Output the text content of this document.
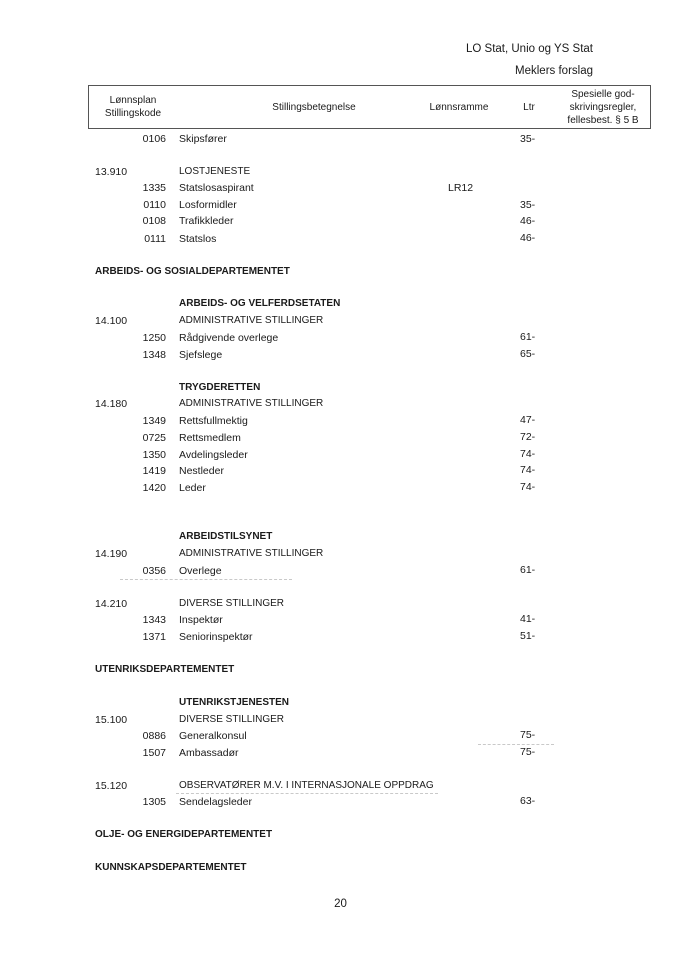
LO Stat, Unio og YS Stat
Meklers forslag
Lønnsplan
Stillingskode
Stillingsbetegnelse	Lønnsramme	Ltr
Spesielle god-
skrivingsregler,
fellesbest. § 5 B
0106 Skipsfører	35-
13.910	LOSTJENESTE
1335 Statslosaspirant	LR12
0110 Losformidler	35-
0108 Trafikkleder	46-
0111 Statslos	46-
ARBEIDS- OG SOSIALDEPARTEMENTET
ARBEIDS- OG VELFERDSETATEN
14.100	ADMINISTRATIVE STILLINGER
1250 Rådgivende overlege	61-
1348 Sjefslege	65-
TRYGDERETTEN
14.180	ADMINISTRATIVE STILLINGER
1349 Rettsfullmektig	47-
0725 Rettsmedlem	72-
1350 Avdelingsleder	74-
1419 Nestleder	74-
1420 Leder	74-
ARBEIDSTILSYNET
14.190	ADMINISTRATIVE STILLINGER
0356 Overlege	61-
14.210	DIVERSE STILLINGER
1343 Inspektør	41-
1371 Seniorinspektør	51-
UTENRIKSDEPARTEMENTET
UTENRIKSTJENESTEN
15.100	DIVERSE STILLINGER
0886 Generalkonsul	75-
1507 Ambassadør	75-
15.120	OBSERVATØRER M.V. I INTERNASJONALE OPPDRAG
1305 Sendelagsleder	63-
OLJE- OG ENERGIDEPARTEMENTET
KUNNSKAPSDEPARTEMENTET
20
